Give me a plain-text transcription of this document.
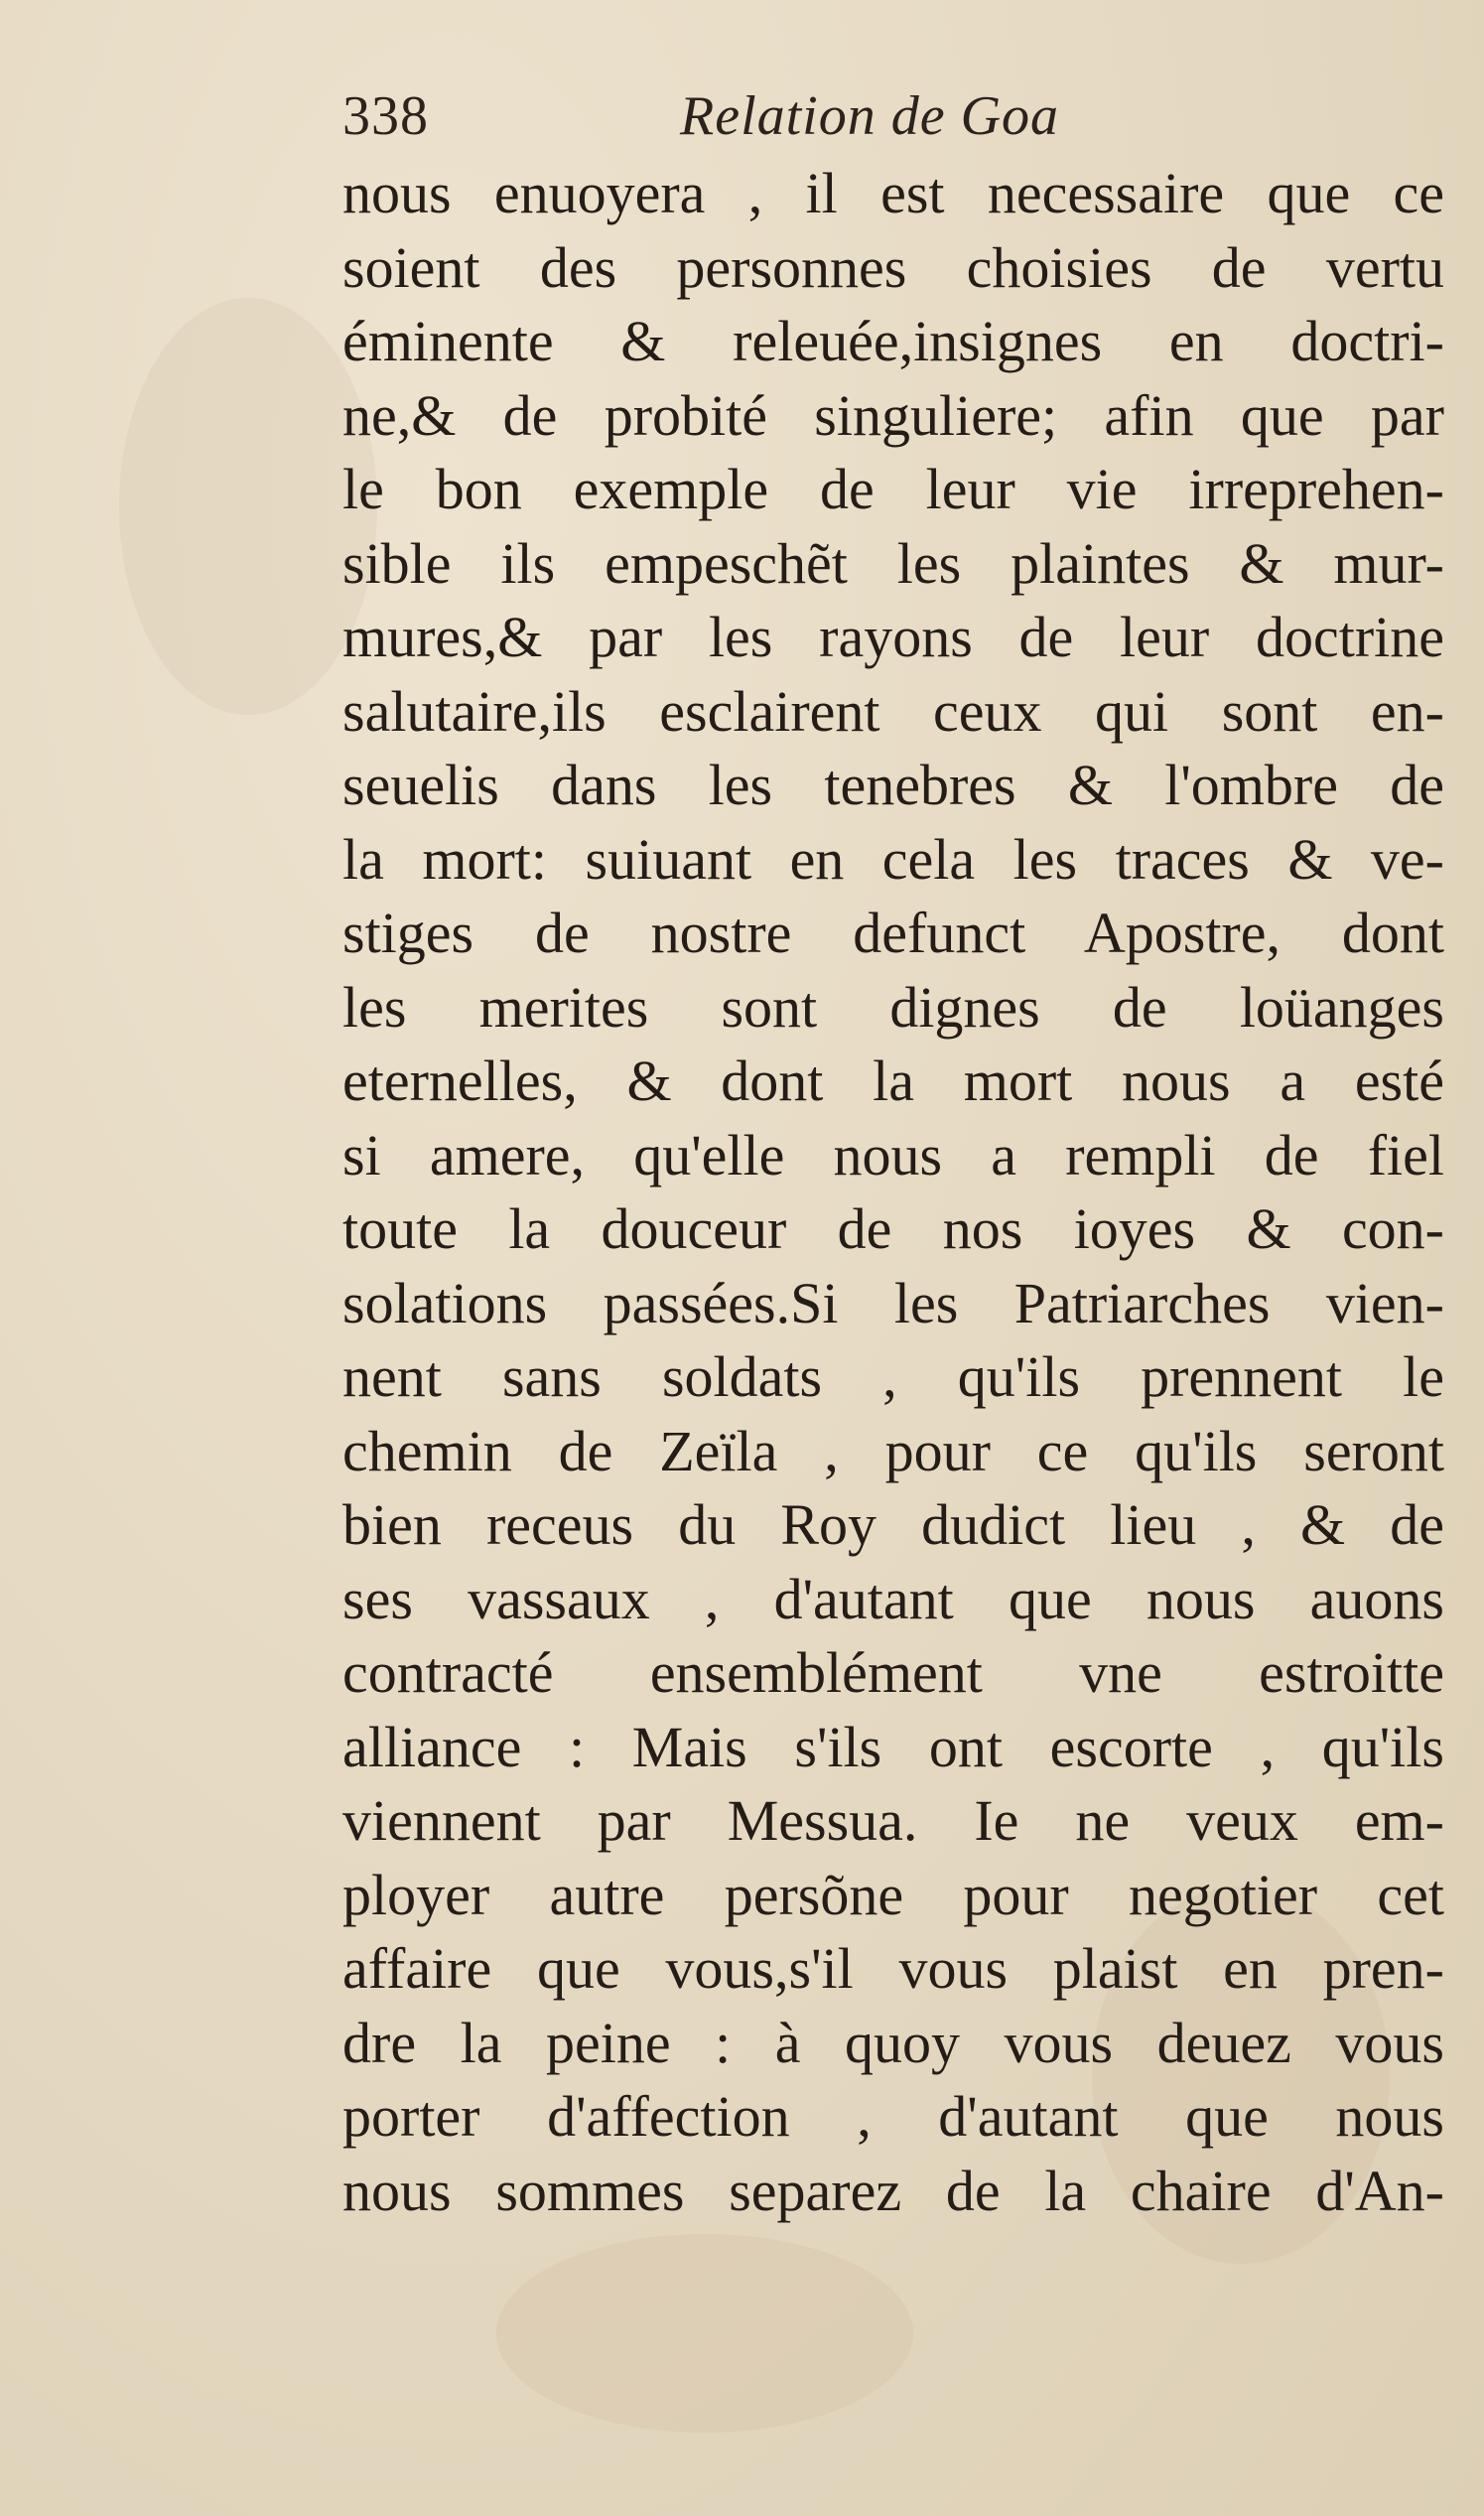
338	Relation de Goa
nous enuoyera , il est necessaire que ce
soient des personnes choisies de vertu
éminente & releuée,insignes en doctri-
ne,& de probité singuliere; afin que par
le bon exemple de leur vie irreprehen-
sible ils empeschẽt les plaintes & mur-
mures,& par les rayons de leur doctrine
salutaire,ils esclairent ceux qui sont en-
seuelis dans les tenebres & l'ombre de
la mort: suiuant en cela les traces & ve-
stiges de nostre defunct Apostre, dont
les merites sont dignes de loüanges
eternelles, & dont la mort nous a esté
si amere, qu'elle nous a rempli de fiel
toute la douceur de nos ioyes & con-
solations passées.Si les Patriarches vien-
nent sans soldats , qu'ils prennent le
chemin de Zeïla , pour ce qu'ils seront
bien receus du Roy dudict lieu , & de
ses vassaux , d'autant que nous auons
contracté ensemblément vne estroitte
alliance : Mais s'ils ont escorte , qu'ils
viennent par Messua. Ie ne veux em-
ployer autre persõne pour negotier cet
affaire que vous,s'il vous plaist en pren-
dre la peine : à quoy vous deuez vous
porter d'affection , d'autant que nous
nous sommes separez de la chaire d'An-
